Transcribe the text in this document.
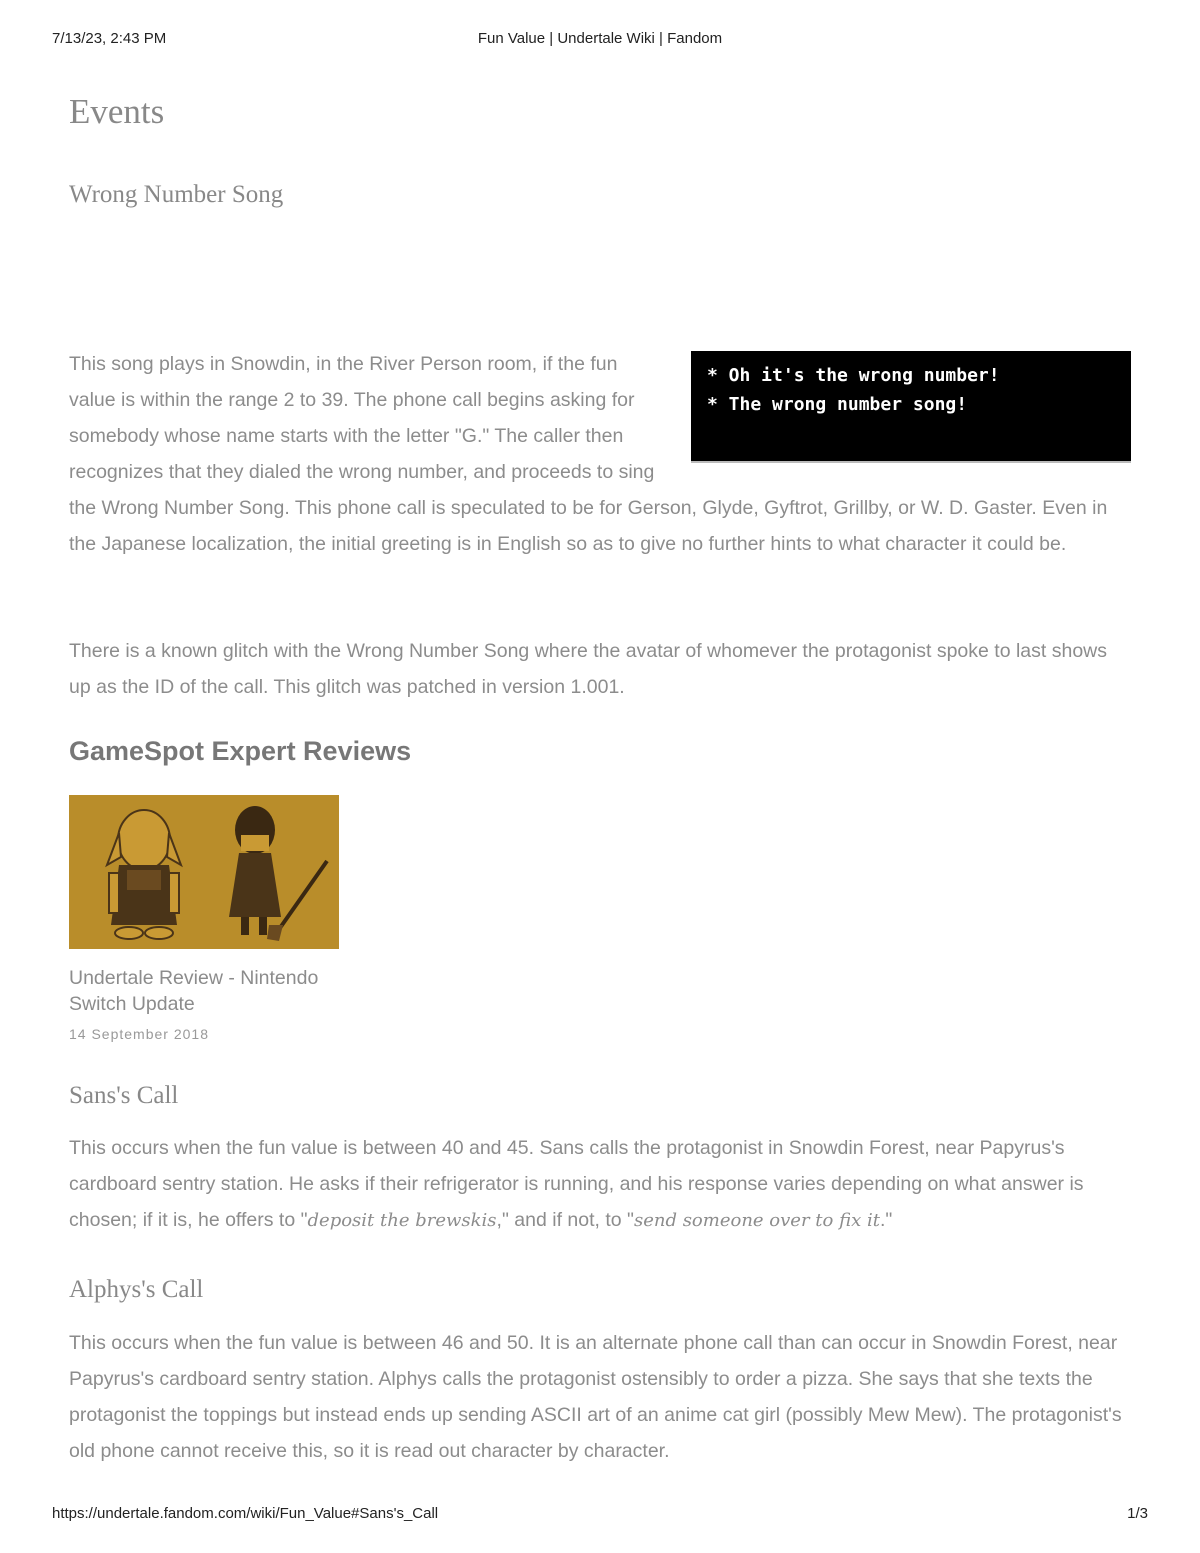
7/13/23, 2:43 PM	Fun Value | Undertale Wiki | Fandom
Events
Wrong Number Song
* Oh it's the wrong number!
* The wrong number song!
This song plays in Snowdin, in the River Person room, if the fun value is within the range 2 to 39. The phone call begins asking for somebody whose name starts with the letter "G." The caller then recognizes that they dialed the wrong number, and proceeds to sing the Wrong Number Song. This phone call is speculated to be for Gerson, Glyde, Gyftrot, Grillby, or W. D. Gaster. Even in the Japanese localization, the initial greeting is in English so as to give no further hints to what character it could be.

There is a known glitch with the Wrong Number Song where the avatar of whomever the protagonist spoke to last shows up as the ID of the call. This glitch was patched in version 1.001.

GameSpot Expert Reviews
Undertale Review - Nintendo Switch Update
14 September 2018
Sans's Call

This occurs when the fun value is between 40 and 45. Sans calls the protagonist in Snowdin Forest, near Papyrus's cardboard sentry station. He asks if their refrigerator is running, and his response varies depending on what answer is chosen; if it is, he offers to "deposit the brewskis," and if not, to "send someone over to fix it."

Alphys's Call

This occurs when the fun value is between 46 and 50. It is an alternate phone call than can occur in Snowdin Forest, near Papyrus's cardboard sentry station. Alphys calls the protagonist ostensibly to order a pizza. She says that she texts the protagonist the toppings but instead ends up sending ASCII art of an anime cat girl (possibly Mew Mew). The protagonist's old phone cannot receive this, so it is read out character by character.

https://undertale.fandom.com/wiki/Fun_Value#Sans's_Call	1/3
